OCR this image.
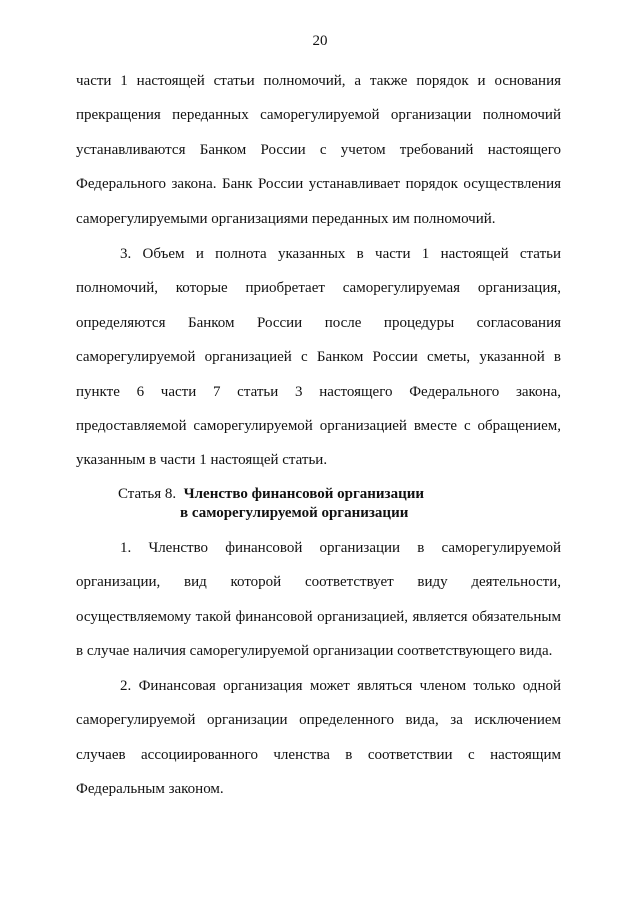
20

части 1 настоящей статьи полномочий, а также порядок и основания прекращения переданных саморегулируемой организации полномочий устанавливаются Банком России с учетом требований настоящего Федерального закона. Банк России устанавливает порядок осуществления саморегулируемыми организациями переданных им полномочий.

3. Объем и полнота указанных в части 1 настоящей статьи полномочий, которые приобретает саморегулируемая организация, определяются Банком России после процедуры согласования саморегулируемой организацией с Банком России сметы, указанной в пункте 6 части 7 статьи 3 настоящего Федерального закона, предоставляемой саморегулируемой организацией вместе с обращением, указанным в части 1 настоящей статьи.

Статья 8. Членство финансовой организации
в саморегулируемой организации

1. Членство финансовой организации в саморегулируемой организации, вид которой соответствует виду деятельности, осуществляемому такой финансовой организацией, является обязательным в случае наличия саморегулируемой организации соответствующего вида.

2. Финансовая организация может являться членом только одной саморегулируемой организации определенного вида, за исключением случаев ассоциированного членства в соответствии с настоящим Федеральным законом.
